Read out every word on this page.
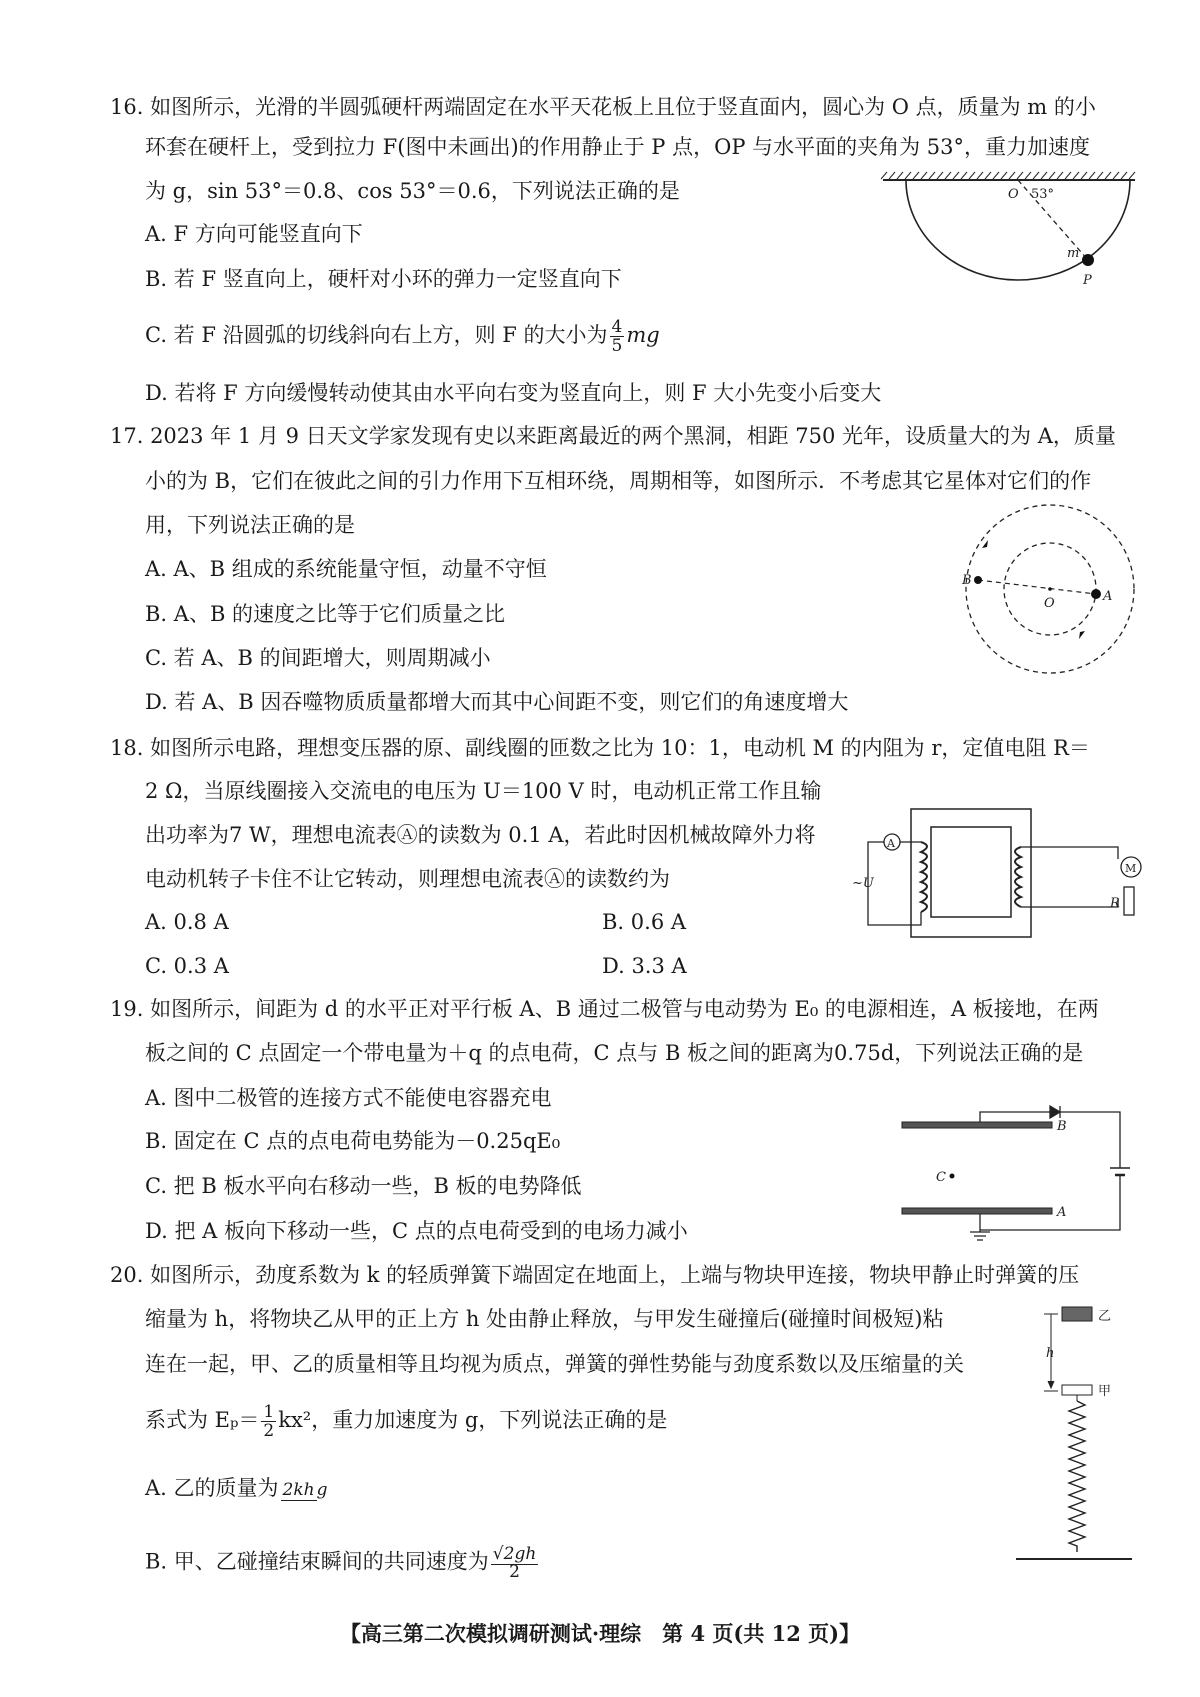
16. 如图所示，光滑的半圆弧硬杆两端固定在水平天花板上且位于竖直面内，圆心为 O 点，质量为 m 的小
环套在硬杆上，受到拉力 F(图中未画出)的作用静止于 P 点，OP 与水平面的夹角为 53°，重力加速度
为 g，sin 53°＝0.8、cos 53°＝0.6，下列说法正确的是
A. F 方向可能竖直向下
B. 若 F 竖直向上，硬杆对小环的弹力一定竖直向下
C. 若 F 沿圆弧的切线斜向右上方，则 F 的大小为 $\frac{4}{5}$ mg
D. 若将 F 方向缓慢转动使其由水平向右变为竖直向上，则 F 大小先变小后变大
O 53°
m
P
17. 2023 年 1 月 9 日天文学家发现有史以来距离最近的两个黑洞，相距 750 光年，设质量大的为 A，质量
小的为 B，它们在彼此之间的引力作用下互相环绕，周期相等，如图所示．不考虑其它星体对它们的作
用，下列说法正确的是
A. A、B 组成的系统能量守恒，动量不守恒
B. A、B 的速度之比等于它们质量之比
C. 若 A、B 的间距增大，则周期减小
D. 若 A、B 因吞噬物质质量都增大而其中心间距不变，则它们的角速度增大
B
A
O
18. 如图所示电路，理想变压器的原、副线圈的匝数之比为 10：1，电动机 M 的内阻为 r，定值电阻 R＝
2 Ω，当原线圈接入交流电的电压为 U＝100 V 时，电动机正常工作且输
出功率为7 W，理想电流表Ⓐ的读数为 0.1 A，若此时因机械故障外力将
电动机转子卡住不让它转动，则理想电流表Ⓐ的读数约为
A. 0.8 A	B. 0.6 A
C. 0.3 A	D. 3.3 A
A
~U
M
R
19. 如图所示，间距为 d 的水平正对平行板 A、B 通过二极管与电动势为 E₀ 的电源相连，A 板接地，在两
板之间的 C 点固定一个带电量为＋q 的点电荷，C 点与 B 板之间的距离为0.75d，下列说法正确的是
A. 图中二极管的连接方式不能使电容器充电
B. 固定在 C 点的点电荷电势能为－0.25qE₀
C. 把 B 板水平向右移动一些，B 板的电势降低
D. 把 A 板向下移动一些，C 点的点电荷受到的电场力减小
C
B
A
20. 如图所示，劲度系数为 k 的轻质弹簧下端固定在地面上，上端与物块甲连接，物块甲静止时弹簧的压
缩量为 h，将物块乙从甲的正上方 h 处由静止释放，与甲发生碰撞后(碰撞时间极短)粘
连在一起，甲、乙的质量相等且均视为质点，弹簧的弹性势能与劲度系数以及压缩量的关
系式为 $E_p= \frac{1}{2} kx^2$，重力加速度为 g，下列说法正确的是
A. 乙的质量为 2kh g
B. 甲、乙碰撞结束瞬间的共同速度为 $\frac{√2gh}{2}$
乙
h
甲
【高三第二次模拟调研测试·理综　第 4 页(共 12 页)】
